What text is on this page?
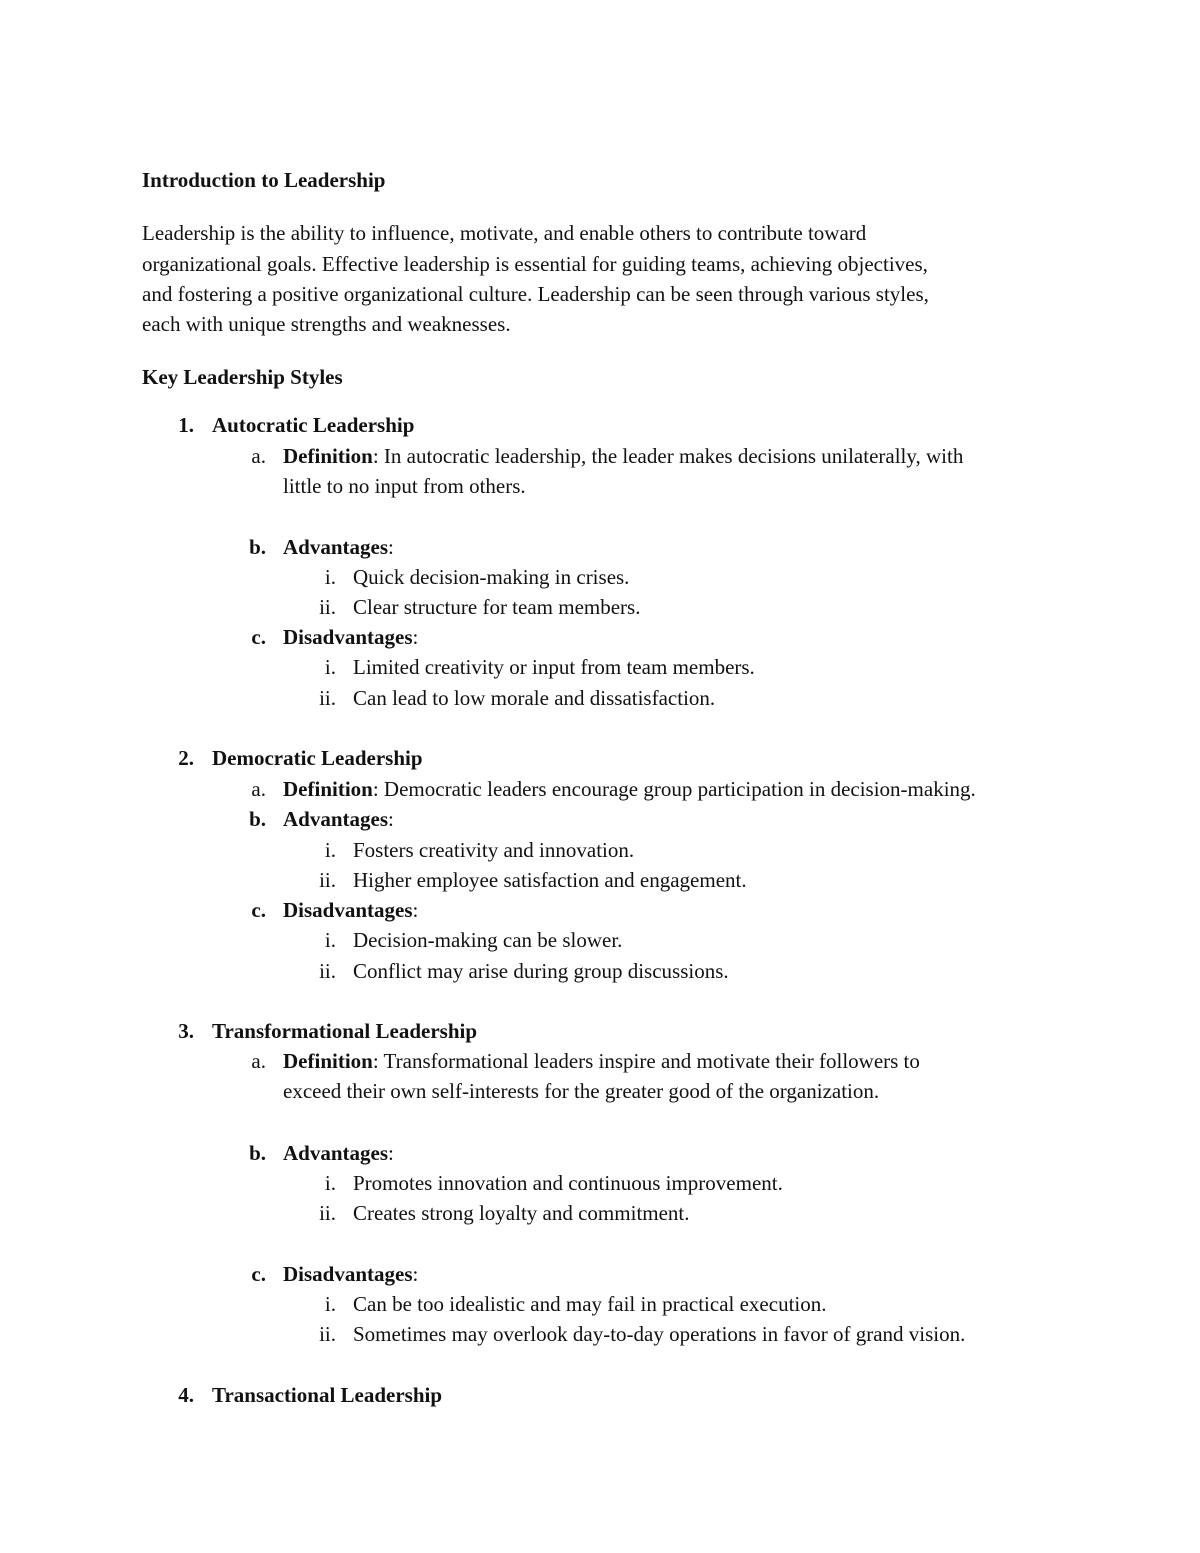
Introduction to Leadership
Leadership is the ability to influence, motivate, and enable others to contribute toward
organizational goals. Effective leadership is essential for guiding teams, achieving objectives,
and fostering a positive organizational culture. Leadership can be seen through various styles,
each with unique strengths and weaknesses.
Key Leadership Styles
1. Autocratic Leadership
a. Definition: In autocratic leadership, the leader makes decisions unilaterally, with
little to no input from others.
b. Advantages:
i. Quick decision-making in crises.
ii. Clear structure for team members.
c. Disadvantages:
i. Limited creativity or input from team members.
ii. Can lead to low morale and dissatisfaction.
2. Democratic Leadership
a. Definition: Democratic leaders encourage group participation in decision-making.
b. Advantages:
i. Fosters creativity and innovation.
ii. Higher employee satisfaction and engagement.
c. Disadvantages:
i. Decision-making can be slower.
ii. Conflict may arise during group discussions.
3. Transformational Leadership
a. Definition: Transformational leaders inspire and motivate their followers to
exceed their own self-interests for the greater good of the organization.
b. Advantages:
i. Promotes innovation and continuous improvement.
ii. Creates strong loyalty and commitment.
c. Disadvantages:
i. Can be too idealistic and may fail in practical execution.
ii. Sometimes may overlook day-to-day operations in favor of grand vision.
4. Transactional Leadership
